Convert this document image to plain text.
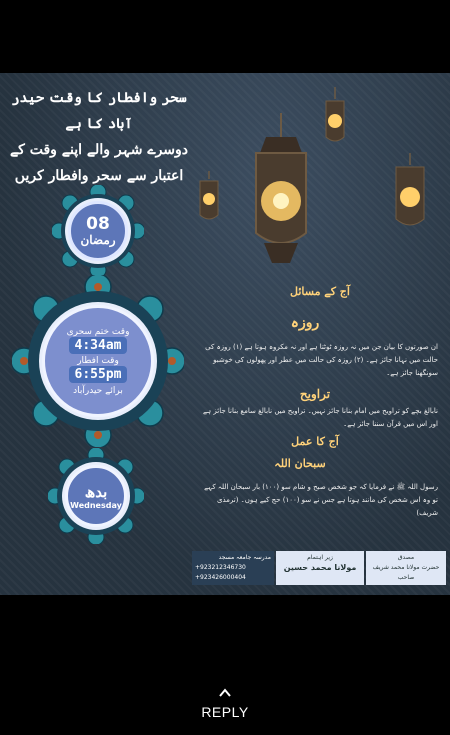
سحر وافطار کا وقت حیدر آباد کا ہے
دوسرے شہر والے اپنے وقت کے
اعتبار سے سحر وافطار کریں
08
رمضان
وقت ختم سحری
4:34am
وقت افطار
6:55pm
برائے حیدرآباد
بدھ
Wednesday
آج کے مسائل
روزہ
ان صورتوں کا بیان جن میں نہ روزہ ٹوٹتا ہے اور نہ مکروہ ہوتا ہے (۱) روزہ کی حالت میں نہانا جائز ہے۔ (۲) روزہ کی حالت میں عطر اور پھولوں کی خوشبو سونگھنا جائز ہے۔
تراویح
نابالغ بچے کو تراویح میں امام بنانا جائز نہیں۔ تراویح میں نابالغ سامع بنانا جائز ہے اور اس میں قرآن سننا جائز ہے۔
آج کا عمل
سبحان اللہ
رسول اللہ ﷺ نے فرمایا کہ جو شخص صبح و شام سو (۱۰۰) بار سبحان اللہ کہے تو وہ اس شخص کی مانند ہوتا ہے جس نے سو (۱۰۰) حج کیے ہوں۔ (ترمذی شریف)
مدرسہ جامعہ مسجد
+923212346730
+923426000404
زیر اہتمام
مولانا محمد حسین
مصدق
حضرت مولانا محمد شریف صاحب
REPLY
